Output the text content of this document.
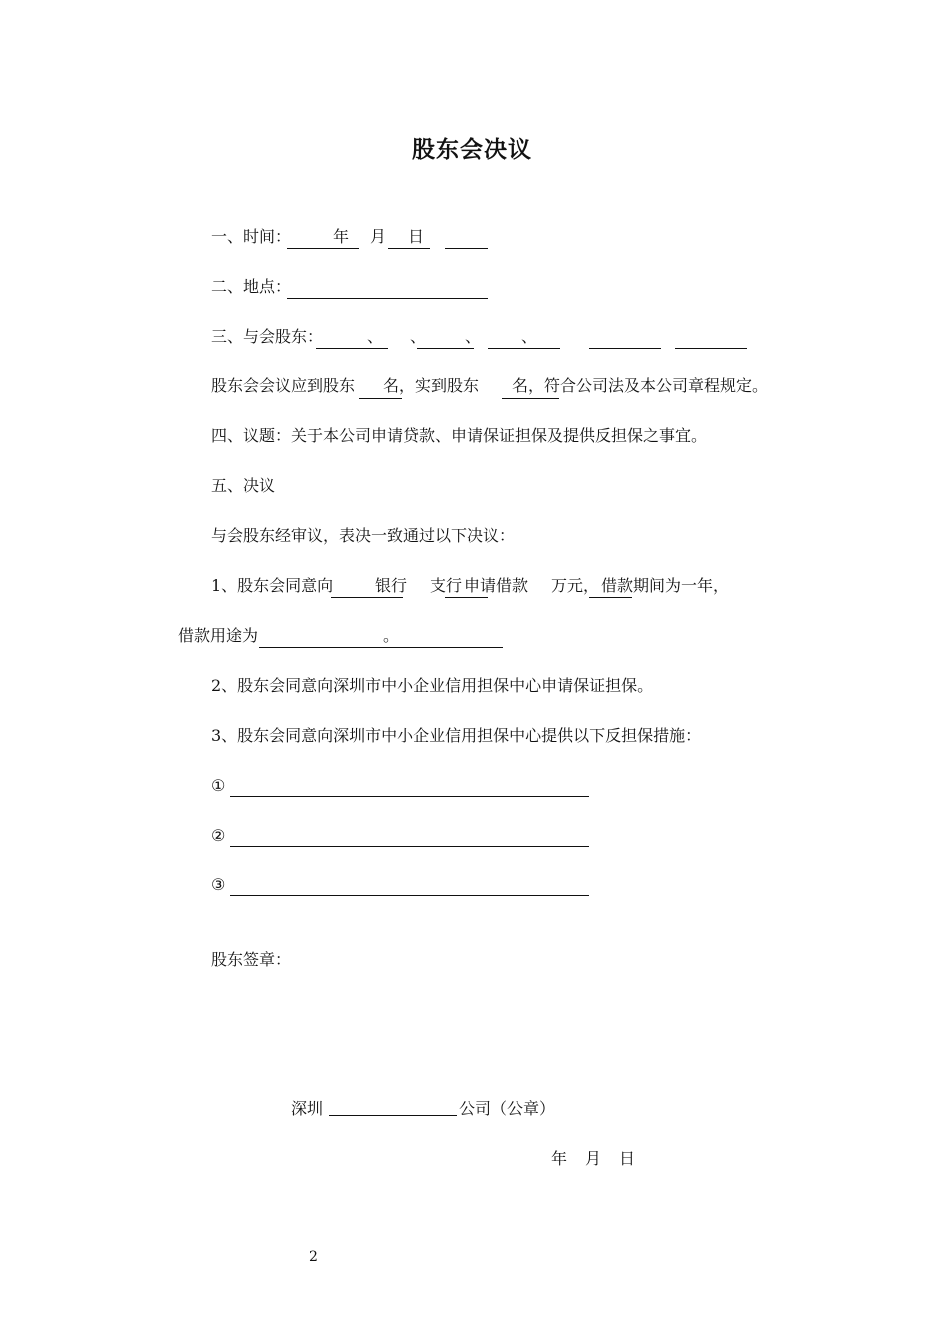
股东会决议
一、时间：	年 月 日
二、地点：
三、与会股东：	、 、 、 、
股东会会议应到股东 名，实到股东 名，符合公司法及本公司章程规定。
四、议题：关于本公司申请贷款、申请保证担保及提供反担保之事宜。
五、决议
与会股东经审议，表决一致通过以下决议：
1、股东会同意向	银行 支行 申请借款 万元， 借款期间为一年，
借款用途为	。
2、股东会同意向深圳市中小企业信用担保中心申请保证担保。
3、股东会同意向深圳市中小企业信用担保中心提供以下反担保措施：
①
②
③
股东签章：
深圳	公司（公章）
年 月 日
2
